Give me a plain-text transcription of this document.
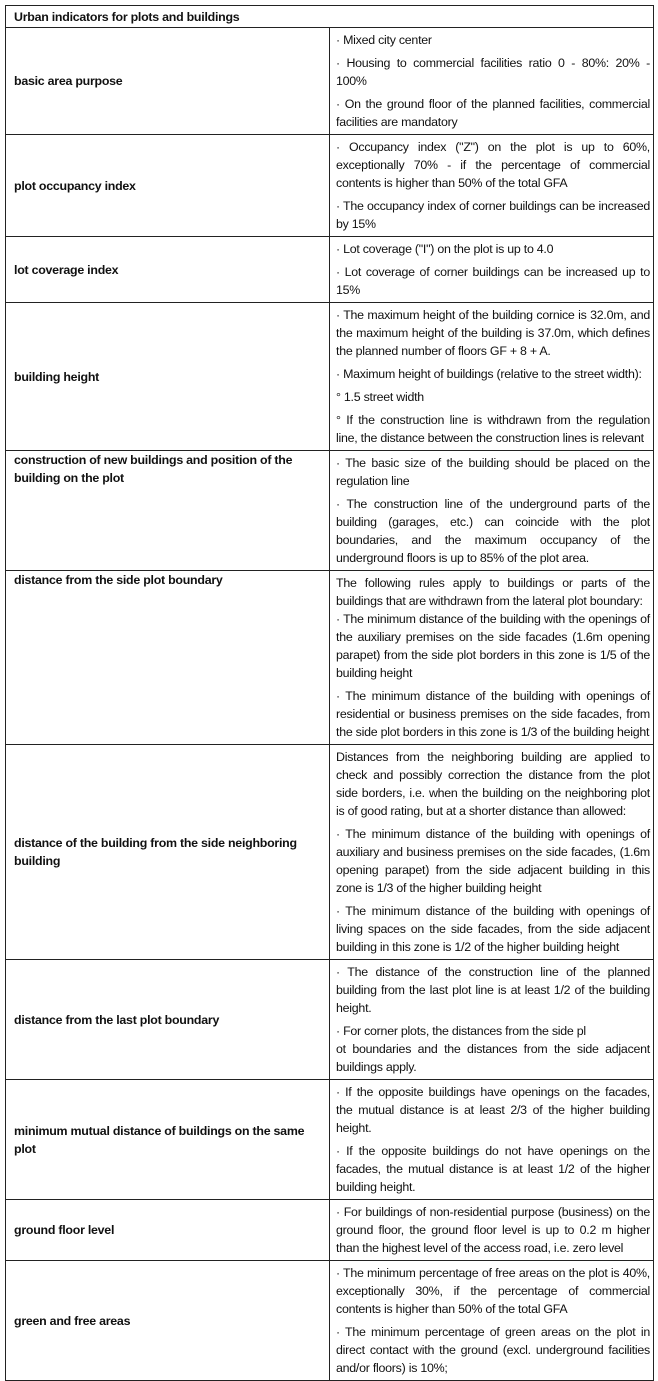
Urban indicators for plots and buildings	
basic area purpose	· Mixed city center
· Housing to commercial facilities ratio 0 - 80%: 20% - 100%
· On the ground floor of the planned facilities, commercial facilities are mandatory

plot occupancy index	· Occupancy index ("Z") on the plot is up to 60%, exceptionally 70% - if the percentage of commercial contents is higher than 50% of the total GFA
· The occupancy index of corner buildings can be increased by 15%

lot coverage index	· Lot coverage ("I") on the plot is up to 4.0
· Lot coverage of corner buildings can be increased up to 15%

building height	· The maximum height of the building cornice is 32.0m, and the maximum height of the building is 37.0m, which defines the planned number of floors GF + 8 + A.
· Maximum height of buildings (relative to the street width):
° 1.5 street width
° If the construction line is withdrawn from the regulation line, the distance between the construction lines is relevant

construction of new buildings and position of the building on the plot	· The basic size of the building should be placed on the regulation line
· The construction line of the underground parts of the building (garages, etc.) can coincide with the plot boundaries, and the maximum occupancy of the underground floors is up to 85% of the plot area.

distance from the side plot boundary	The following rules apply to buildings or parts of the buildings that are withdrawn from the lateral plot boundary:
· The minimum distance of the building with the openings of the auxiliary premises on the side facades (1.6m opening parapet) from the side plot borders in this zone is 1/5 of the building height
· The minimum distance of the building with openings of residential or business premises on the side facades, from the side plot borders in this zone is 1/3 of the building height

distance of the building from the side neighboring building	Distances from the neighboring building are applied to check and possibly correction the distance from the plot side borders, i.e. when the building on the neighboring plot is of good rating, but at a shorter distance than allowed:
· The minimum distance of the building with openings of auxiliary and business premises on the side facades, (1.6m opening parapet) from the side adjacent building in this zone is 1/3 of the higher building height
· The minimum distance of the building with openings of living spaces on the side facades, from the side adjacent building in this zone is 1/2 of the higher building height

distance from the last plot boundary	· The distance of the construction line of the planned building from the last plot line is at least 1/2 of the building height.
· For corner plots, the distances from the side pl
ot boundaries and the distances from the side adjacent buildings apply.

minimum mutual distance of buildings on the same plot	· If the opposite buildings have openings on the facades, the mutual distance is at least 2/3 of the higher building height.
· If the opposite buildings do not have openings on the facades, the mutual distance is at least 1/2 of the higher building height.

ground floor level	· For buildings of non-residential purpose (business) on the ground floor, the ground floor level is up to 0.2 m higher than the highest level of the access road, i.e. zero level

green and free areas	· The minimum percentage of free areas on the plot is 40%, exceptionally 30%, if the percentage of commercial contents is higher than 50% of the total GFA
· The minimum percentage of green areas on the plot in direct contact with the ground (excl. underground facilities and/or floors) is 10%;
